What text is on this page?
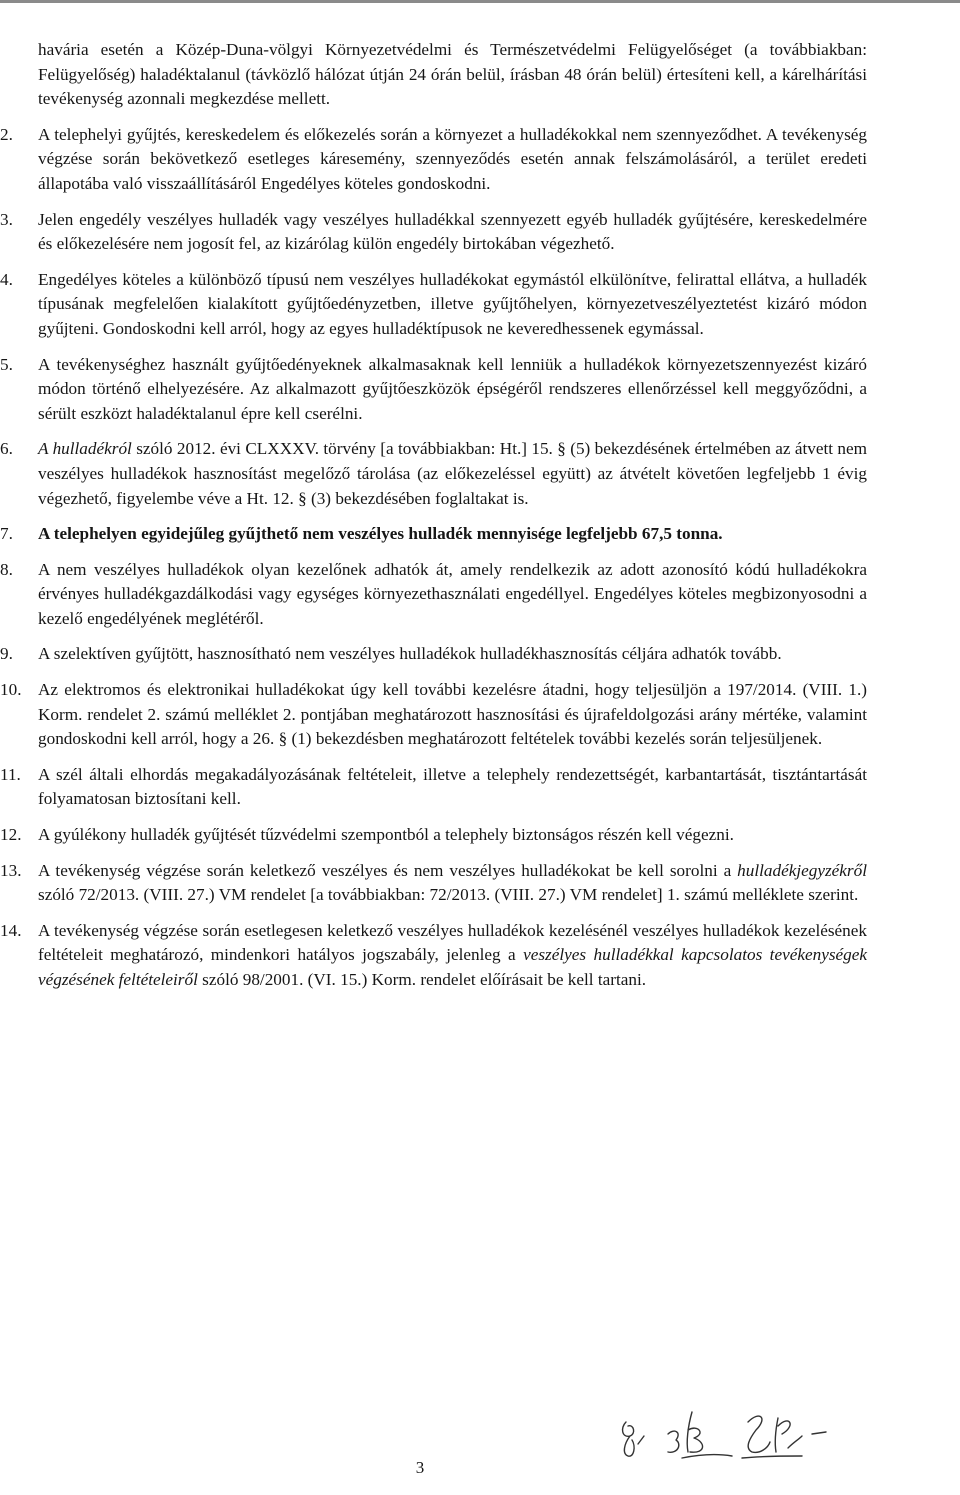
havária esetén a Közép-Duna-völgyi Környezetvédelmi és Természetvédelmi Felügyelőséget (a továbbiakban: Felügyelőség) haladéktalanul (távközlő hálózat útján 24 órán belül, írásban 48 órán belül) értesíteni kell, a kárelhárítási tevékenység azonnali megkezdése mellett.

2.	A telephelyi gyűjtés, kereskedelem és előkezelés során a környezet a hulladékokkal nem szennyeződhet. A tevékenység végzése során bekövetkező esetleges káresemény, szennyeződés esetén annak felszámolásáról, a terület eredeti állapotába való visszaállításáról Engedélyes köteles gondoskodni.
3.	Jelen engedély veszélyes hulladék vagy veszélyes hulladékkal szennyezett egyéb hulladék gyűjtésére, kereskedelmére és előkezelésére nem jogosít fel, az kizárólag külön engedély birtokában végezhető.
4.	Engedélyes köteles a különböző típusú nem veszélyes hulladékokat egymástól elkülönítve, felirattal ellátva, a hulladék típusának megfelelően kialakított gyűjtőedényzetben, illetve gyűjtőhelyen, környezetveszélyeztetést kizáró módon gyűjteni. Gondoskodni kell arról, hogy az egyes hulladéktípusok ne keveredhessenek egymással.
5.	A tevékenységhez használt gyűjtőedényeknek alkalmasaknak kell lenniük a hulladékok környezetszennyezést kizáró módon történő elhelyezésére. Az alkalmazott gyűjtőeszközök épségéről rendszeres ellenőrzéssel kell meggyőződni, a sérült eszközt haladéktalanul épre kell cserélni.
6.	A hulladékról szóló 2012. évi CLXXXV. törvény [a továbbiakban: Ht.] 15. § (5) bekezdésének értelmében az átvett nem veszélyes hulladékok hasznosítást megelőző tárolása (az előkezeléssel együtt) az átvételt követően legfeljebb 1 évig végezhető, figyelembe véve a Ht. 12. § (3) bekezdésében foglaltakat is.
7.	A telephelyen egyidejűleg gyűjthető nem veszélyes hulladék mennyisége legfeljebb 67,5 tonna.
8.	A nem veszélyes hulladékok olyan kezelőnek adhatók át, amely rendelkezik az adott azonosító kódú hulladékokra érvényes hulladékgazdálkodási vagy egységes környezethasználati engedéllyel. Engedélyes köteles megbizonyosodni a kezelő engedélyének meglétéről.
9.	A szelektíven gyűjtött, hasznosítható nem veszélyes hulladékok hulladékhasznosítás céljára adhatók tovább.
10. Az elektromos és elektronikai hulladékokat úgy kell további kezelésre átadni, hogy teljesüljön a 197/2014. (VIII. 1.) Korm. rendelet 2. számú melléklet 2. pontjában meghatározott hasznosítási és újrafeldolgozási arány mértéke, valamint gondoskodni kell arról, hogy a 26. § (1) bekezdésben meghatározott feltételek további kezelés során teljesüljenek.
11. A szél általi elhordás megakadályozásának feltételeit, illetve a telephely rendezettségét, karbantartását, tisztántartását folyamatosan biztosítani kell.
12. A gyúlékony hulladék gyűjtését tűzvédelmi szempontból a telephely biztonságos részén kell végezni.
13. A tevékenység végzése során keletkező veszélyes és nem veszélyes hulladékokat be kell sorolni a hulladékjegyzékről szóló 72/2013. (VIII. 27.) VM rendelet [a továbbiakban: 72/2013. (VIII. 27.) VM rendelet] 1. számú melléklete szerint.
14. A tevékenység végzése során esetlegesen keletkező veszélyes hulladékok kezelésénél veszélyes hulladékok kezelésének feltételeit meghatározó, mindenkori hatályos jogszabály, jelenleg a veszélyes hulladékkal kapcsolatos tevékenységek végzésének feltételeiről szóló 98/2001. (VI. 15.) Korm. rendelet előírásait be kell tartani.
3
